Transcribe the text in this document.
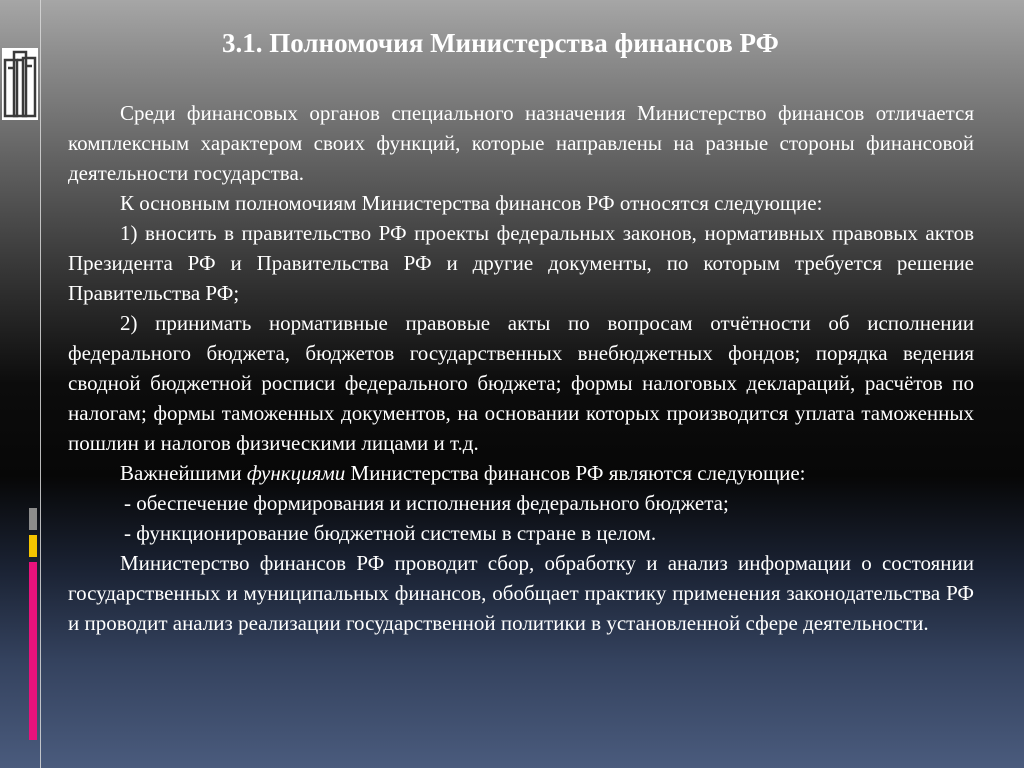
3.1. Полномочия Министерства финансов РФ

Среди финансовых органов специального назначения Министерство финансов отличается комплексным характером своих функций, которые направлены на разные стороны финансовой деятельности государства.

К основным полномочиям Министерства финансов РФ относятся следующие:

1) вносить в правительство РФ проекты федеральных законов, нормативных правовых актов Президента РФ и Правительства РФ и другие документы, по которым требуется решение Правительства РФ;

2) принимать нормативные правовые акты по вопросам отчётности об исполнении федерального бюджета, бюджетов государственных внебюджетных фондов; порядка ведения сводной бюджетной росписи федерального бюджета; формы налоговых деклараций, расчётов по налогам; формы таможенных документов, на основании которых производится уплата таможенных пошлин и налогов физическими лицами и т.д.

Важнейшими функциями Министерства финансов РФ являются следующие:

- обеспечение формирования и исполнения федерального бюджета;

- функционирование бюджетной системы в стране в целом.

Министерство финансов РФ проводит сбор, обработку и анализ информации о состоянии государственных и муниципальных финансов, обобщает практику применения законодательства РФ и проводит анализ реализации государственной политики в установленной сфере деятельности.
